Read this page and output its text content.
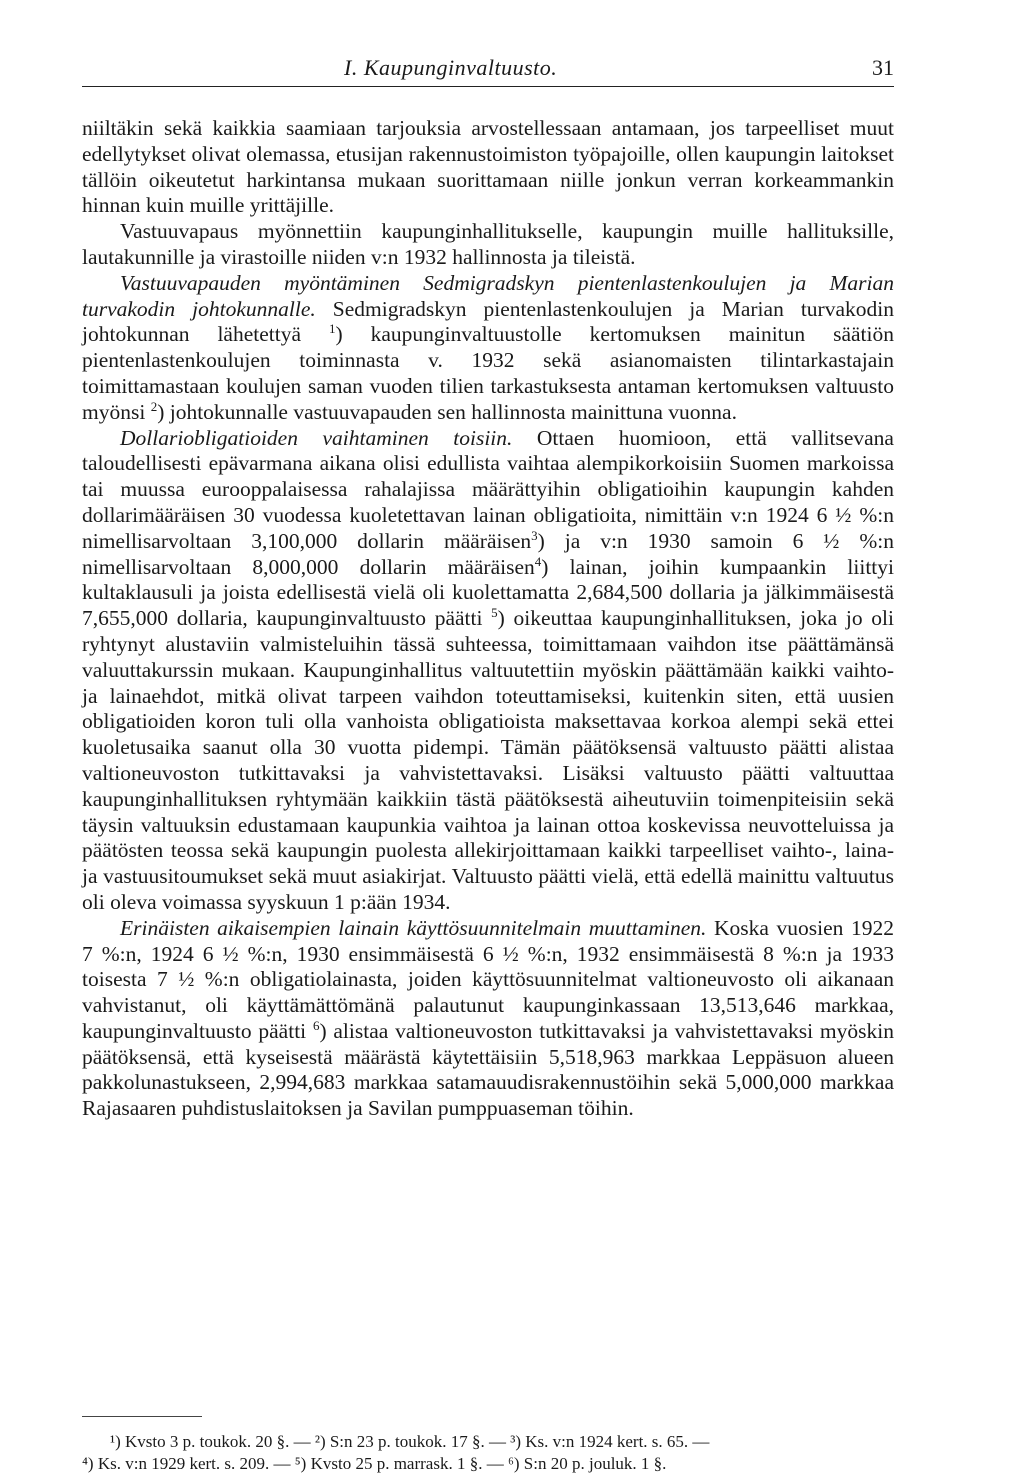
I. Kaupunginvaltuusto.	31

niiltäkin sekä kaikkia saamiaan tarjouksia arvostellessaan antamaan, jos tarpeelliset muut edellytykset olivat olemassa, etusijan rakennustoimiston työpajoille, ollen kaupungin laitokset tällöin oikeutetut harkintansa mukaan suorittamaan niille jonkun verran korkeammankin hinnan kuin muille yrittäjille.

Vastuuvapaus myönnettiin kaupunginhallitukselle, kaupungin muille hallituksille, lautakunnille ja virastoille niiden v:n 1932 hallinnosta ja tileistä.

Vastuuvapauden myöntäminen Sedmigradskyn pientenlastenkoulujen ja Marian turvakodin johtokunnalle. Sedmigradskyn pientenlastenkoulujen ja Marian turvakodin johtokunnan lähetettyä $^1$) kaupunginvaltuustolle kertomuksen mainitun säätiön pientenlastenkoulujen toiminnasta v. 1932 sekä asianomaisten tilintarkastajain toimittamastaan koulujen saman vuoden tilien tarkastuksesta antaman kertomuksen valtuusto myönsi $^2$) johtokunnalle vastuuvapauden sen hallinnosta mainittuna vuonna.

Dollariobligatioiden vaihtaminen toisiin. Ottaen huomioon, että vallitsevana taloudellisesti epävarmana aikana olisi edullista vaihtaa alempikorkoisiin Suomen markoissa tai muussa eurooppalaisessa rahalajissa määrättyihin obligatioihin kaupungin kahden dollarimääräisen 30 vuodessa kuoletettavan lainan obligatioita, nimittäin v:n 1924 6 ½ %:n nimellisarvoltaan 3,100,000 dollarin määräisen$^3$) ja v:n 1930 samoin 6 ½ %:n nimellisarvoltaan 8,000,000 dollarin määräisen$^4$) lainan, joihin kumpaankin liittyi kultaklausuli ja joista edellisestä vielä oli kuolettamatta 2,684,500 dollaria ja jälkimmäisestä 7,655,000 dollaria, kaupunginvaltuusto päätti $^5$) oikeuttaa kaupunginhallituksen, joka jo oli ryhtynyt alustaviin valmisteluihin tässä suhteessa, toimittamaan vaihdon itse päättämänsä valuuttakurssin mukaan. Kaupunginhallitus valtuutettiin myöskin päättämään kaikki vaihto- ja lainaehdot, mitkä olivat tarpeen vaihdon toteuttamiseksi, kuitenkin siten, että uusien obligatioiden koron tuli olla vanhoista obligatioista maksettavaa korkoa alempi sekä ettei kuoletusaika saanut olla 30 vuotta pidempi. Tämän päätöksensä valtuusto päätti alistaa valtioneuvoston tutkittavaksi ja vahvistettavaksi. Lisäksi valtuusto päätti valtuuttaa kaupunginhallituksen ryhtymään kaikkiin tästä päätöksestä aiheutuviin toimenpiteisiin sekä täysin valtuuksin edustamaan kaupunkia vaihtoa ja lainan ottoa koskevissa neuvotteluissa ja päätösten teossa sekä kaupungin puolesta allekirjoittamaan kaikki tarpeelliset vaihto-, laina- ja vastuusitoumukset sekä muut asiakirjat. Valtuusto päätti vielä, että edellä mainittu valtuutus oli oleva voimassa syyskuun 1 p:ään 1934.

Erinäisten aikaisempien lainain käyttösuunnitelmain muuttaminen. Koska vuosien 1922 7 %:n, 1924 6 ½ %:n, 1930 ensimmäisestä 6 ½ %:n, 1932 ensimmäisestä 8 %:n ja 1933 toisesta 7 ½ %:n obligatiolainasta, joiden käyttösuunnitelmat valtioneuvosto oli aikanaan vahvistanut, oli käyttämättömänä palautunut kaupunginkassaan 13,513,646 markkaa, kaupunginvaltuusto päätti $^6$) alistaa valtioneuvoston tutkittavaksi ja vahvistettavaksi myöskin päätöksensä, että kyseisestä määrästä käytettäisiin 5,518,963 markkaa Leppäsuon alueen pakkolunastukseen, 2,994,683 markkaa satamauudisrakennustöihin sekä 5,000,000 markkaa Rajasaaren puhdistuslaitoksen ja Savilan pumppuaseman töihin.

¹) Kvsto 3 p. toukok. 20 §. — ²) S:n 23 p. toukok. 17 §. — ³) Ks. v:n 1924 kert. s. 65. —

⁴) Ks. v:n 1929 kert. s. 209. — ⁵) Kvsto 25 p. marrask. 1 §. — ⁶) S:n 20 p. jouluk. 1 §.
